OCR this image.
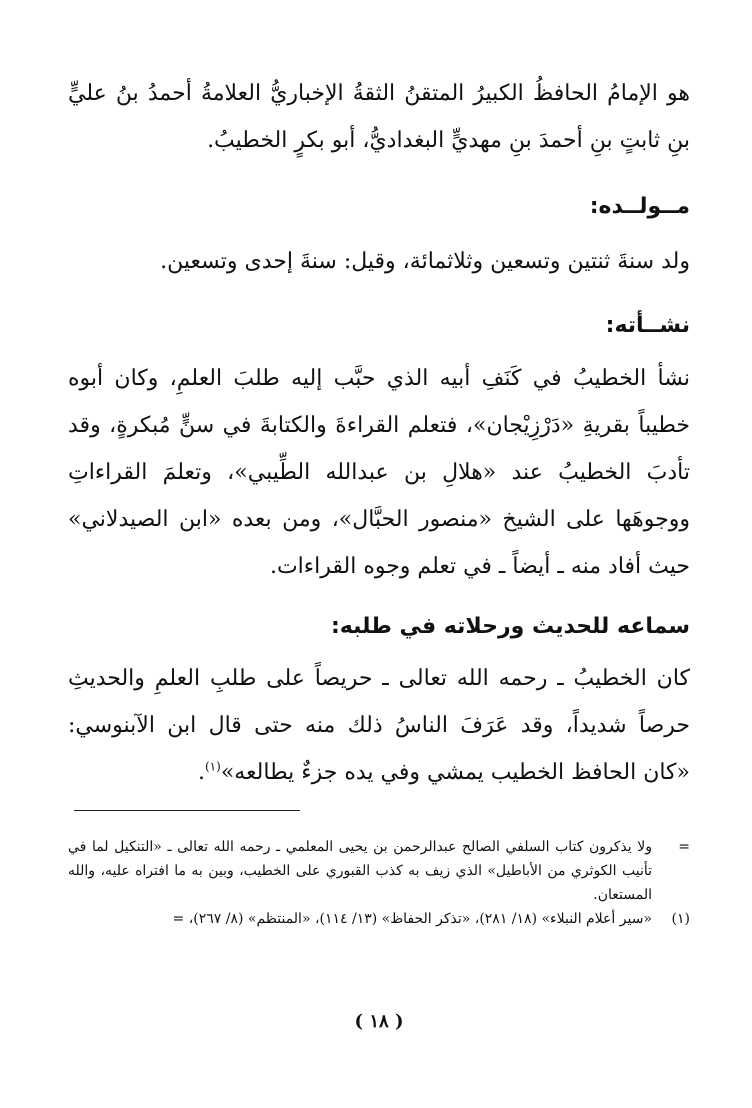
هو الإمامُ الحافظُ الكبيرُ المتقنُ الثقةُ الإخباريُّ العلامةُ أحمدُ بنُ عليٍّ بنِ ثابتٍ بنِ أحمدَ بنِ مهديٍّ البغداديُّ، أبو بكرٍ الخطيبُ.

مــولــده:

ولد سنةَ ثنتين وتسعين وثلاثمائة، وقيل: سنةَ إحدى وتسعين.

نشــأته:

نشأ الخطيبُ في كَنَفِ أبيه الذي حبَّب إليه طلبَ العلمِ، وكان أبوه خطيباً بقريةِ «دَرْزِيْجان»، فتعلم القراءةَ والكتابةَ في سنٍّ مُبكرةٍ، وقد تأدبَ الخطيبُ عند «هلالِ بن عبدالله الطِّيبي»، وتعلمَ القراءاتِ ووجوهَها على الشيخ «منصور الحبَّال»، ومن بعده «ابن الصيدلاني» حيث أفاد منه ـ أيضاً ـ في تعلم وجوه القراءات.

سماعه للحديث ورحلاته في طلبه:

كان الخطيبُ ـ رحمه الله تعالى ـ حريصاً على طلبِ العلمِ والحديثِ حرصاً شديداً، وقد عَرَفَ الناسُ ذلك منه حتى قال ابن الآبنوسي: «كان الحافظ الخطيب يمشي وفي يده جزءٌ يطالعه»$^{(١)}$.

=
ولا يذكرون كتاب السلفي الصالح عبدالرحمن بن يحيى المعلمي ـ رحمه الله تعالى ـ «التنكيل لما في تأنيب الكوثري من الأباطيل» الذي زيف به كذب القبوري على الخطيب، وبين به ما افتراه عليه، والله المستعان.

(١)
«سير أعلام النبلاء» (١٨/ ٢٨١)، «تذكر الحفاظ» (١٣/ ١١٤)، «المنتظم» (٨/ ٢٦٧)، =

( ١٨ )
